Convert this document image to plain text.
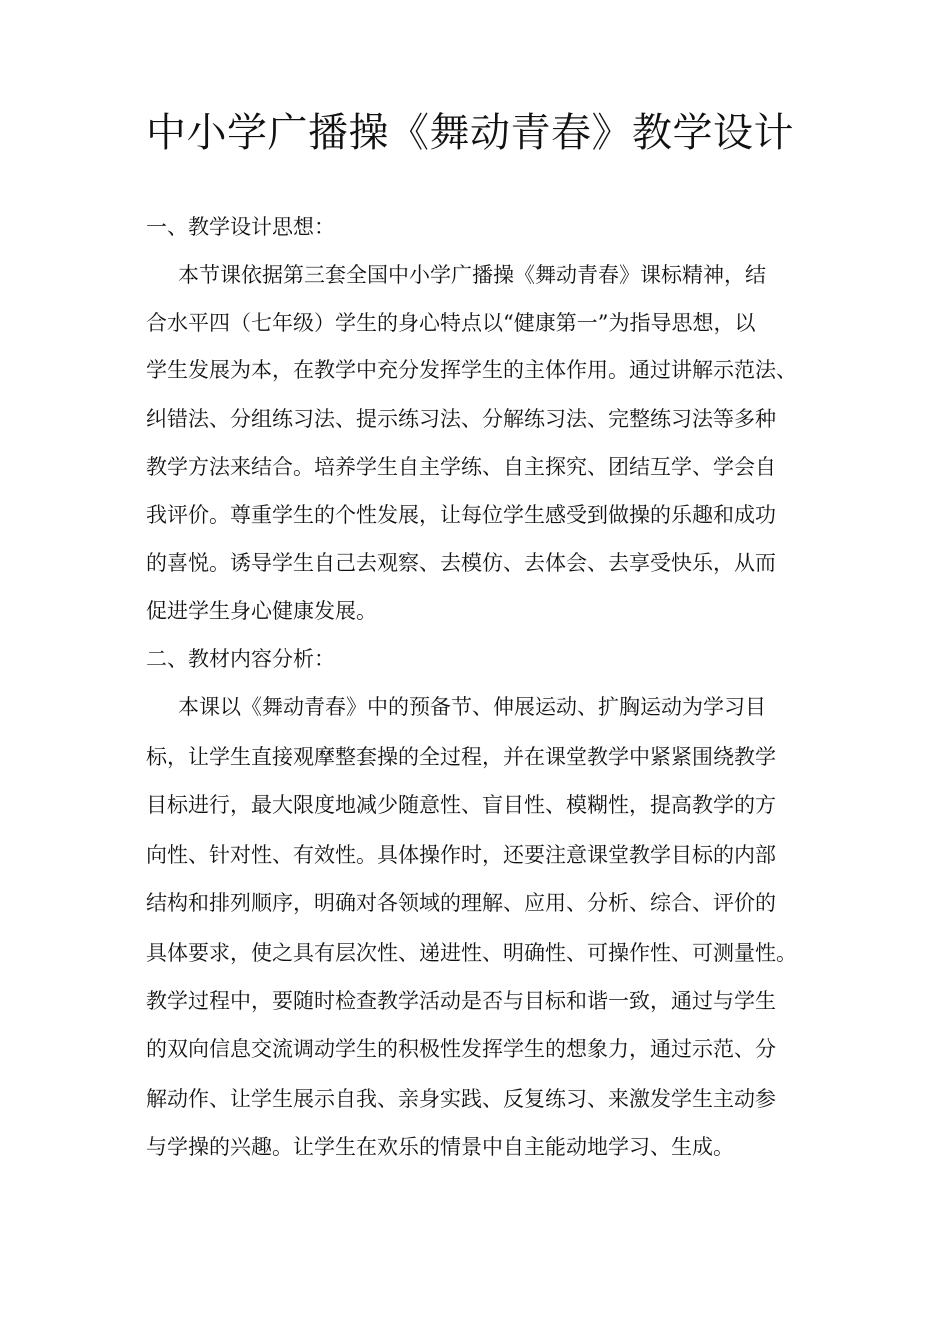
中小学广播操《舞动青春》教学设计
一、教学设计思想：
本节课依据第三套全国中小学广播操《舞动青春》课标精神，结
合水平四（七年级）学生的身心特点以“健康第一”为指导思想，以
学生发展为本，在教学中充分发挥学生的主体作用。通过讲解示范法、
纠错法、分组练习法、提示练习法、分解练习法、完整练习法等多种
教学方法来结合。培养学生自主学练、自主探究、团结互学、学会自
我评价。尊重学生的个性发展，让每位学生感受到做操的乐趣和成功
的喜悦。诱导学生自己去观察、去模仿、去体会、去享受快乐，从而
促进学生身心健康发展。
二、教材内容分析：
本课以《舞动青春》中的预备节、伸展运动、扩胸运动为学习目
标，让学生直接观摩整套操的全过程，并在课堂教学中紧紧围绕教学
目标进行，最大限度地减少随意性、盲目性、模糊性，提高教学的方
向性、针对性、有效性。具体操作时，还要注意课堂教学目标的内部
结构和排列顺序，明确对各领域的理解、应用、分析、综合、评价的
具体要求，使之具有层次性、递进性、明确性、可操作性、可测量性。
教学过程中，要随时检查教学活动是否与目标和谐一致，通过与学生
的双向信息交流调动学生的积极性发挥学生的想象力，通过示范、分
解动作、让学生展示自我、亲身实践、反复练习、来激发学生主动参
与学操的兴趣。让学生在欢乐的情景中自主能动地学习、生成。
